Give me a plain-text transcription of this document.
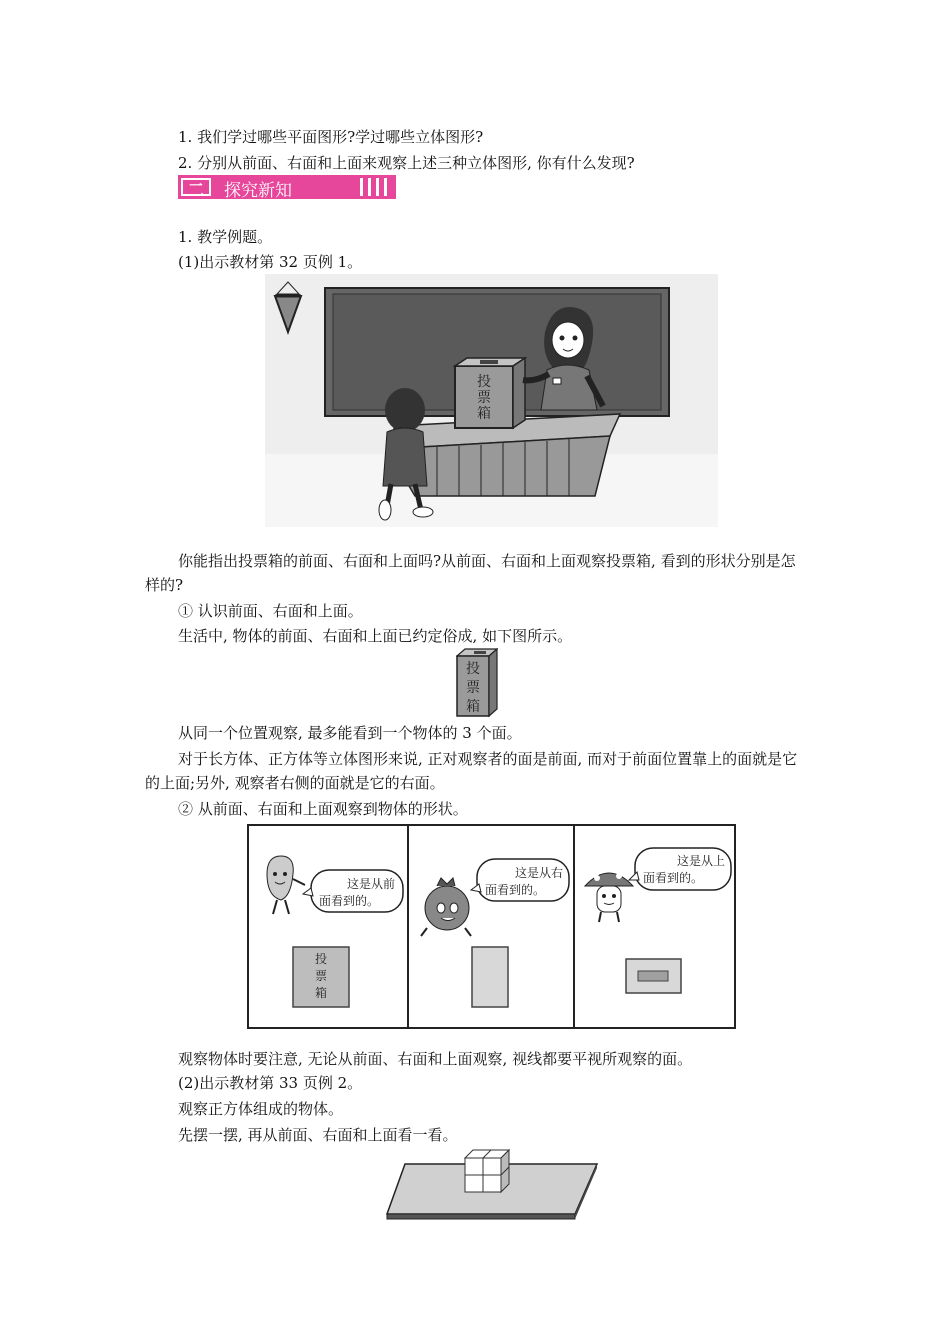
1. 我们学过哪些平面图形?学过哪些立体图形?
2. 分别从前面、右面和上面来观察上述三种立体图形, 你有什么发现?
二 探究新知
1. 教学例题。
(1)出示教材第 32 页例 1。
投
票
箱
你能指出投票箱的前面、右面和上面吗?从前面、右面和上面观察投票箱, 看到的形状分别是怎样的?
① 认识前面、右面和上面。
生活中, 物体的前面、右面和上面已约定俗成, 如下图所示。
投
票
箱
从同一个位置观察, 最多能看到一个物体的 3 个面。
对于长方体、正方体等立体图形来说, 正对观察者的面是前面, 而对于前面位置靠上的面就是它的上面;另外, 观察者右侧的面就是它的右面。
② 从前面、右面和上面观察到物体的形状。
这是从前
面看到的。
投
票
箱
这是从右
面看到的。
这是从上
面看到的。
观察物体时要注意, 无论从前面、右面和上面观察, 视线都要平视所观察的面。
(2)出示教材第 33 页例 2。
观察正方体组成的物体。
先摆一摆, 再从前面、右面和上面看一看。
